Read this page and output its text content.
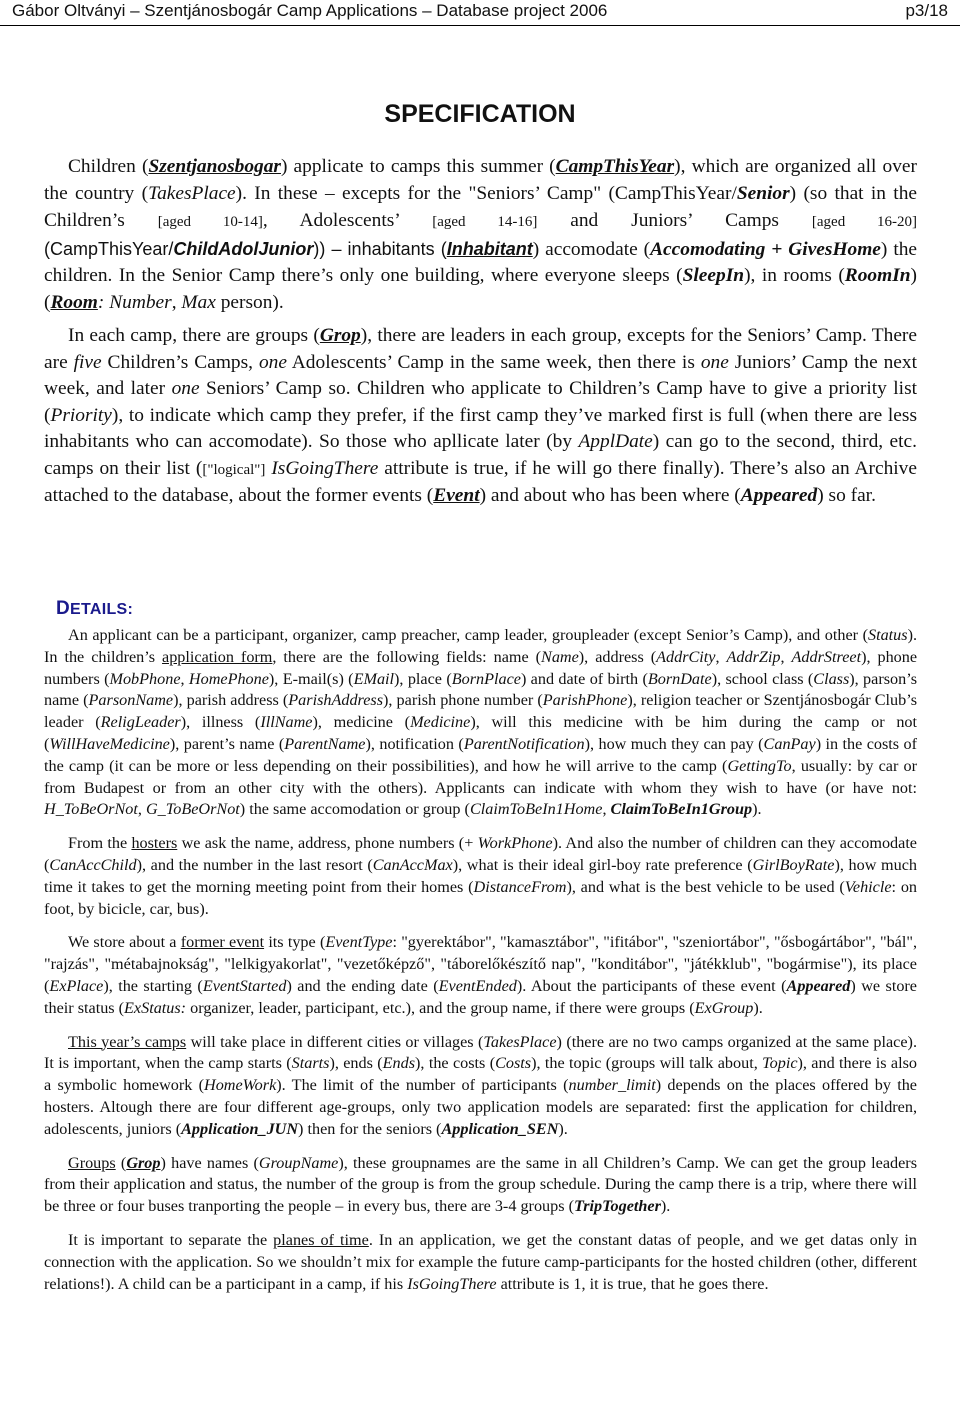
Gábor Oltványi – Szentjánosbogár Camp Applications – Database project 2006	p3/18
SPECIFICATION

Children (Szentjanosbogar) applicate to camps this summer (CampThisYear), which are organized all over the country (TakesPlace). In these – excepts for the "Seniors’ Camp" (CampThisYear/Senior) (so that in the Children’s [aged 10-14], Adolescents’ [aged 14-16] and Juniors’ Camps [aged 16-20] (CampThisYear/ChildAdolJunior)) – inhabitants (Inhabitant) accomodate (Accomodating + GivesHome) the children. In the Senior Camp there’s only one building, where everyone sleeps (SleepIn), in rooms (RoomIn) (Room: Number, Max person).

In each camp, there are groups (Grop), there are leaders in each group, excepts for the Seniors’ Camp. There are five Children’s Camps, one Adolescents’ Camp in the same week, then there is one Juniors’ Camp the next week, and later one Seniors’ Camp so. Children who applicate to Children’s Camp have to give a priority list (Priority), to indicate which camp they prefer, if the first camp they’ve marked first is full (when there are less inhabitants who can accomodate). So those who apllicate later (by ApplDate) can go to the second, third, etc. camps on their list (["logical"] IsGoingThere attribute is true, if he will go there finally). There’s also an Archive attached to the database, about the former events (Event) and about who has been where (Appeared) so far.

DETAILS:

An applicant can be a participant, organizer, camp preacher, camp leader, groupleader (except Senior’s Camp), and other (Status). In the children’s application form, there are the following fields: name (Name), address (AddrCity, AddrZip, AddrStreet), phone numbers (MobPhone, HomePhone), E-mail(s) (EMail), place (BornPlace) and date of birth (BornDate), school class (Class), parson’s name (ParsonName), parish address (ParishAddress), parish phone number (ParishPhone), religion teacher or Szentjánosbogár Club’s leader (ReligLeader), illness (IllName), medicine (Medicine), will this medicine with be him during the camp or not (WillHaveMedicine), parent’s name (ParentName), notification (ParentNotification), how much they can pay (CanPay) in the costs of the camp (it can be more or less depending on their possibilities), and how he will arrive to the camp (GettingTo, usually: by car or from Budapest or from an other city with the others). Applicants can indicate with whom they wish to have (or have not: H_ToBeOrNot, G_ToBeOrNot) the same accomodation or group (ClaimToBeIn1Home, ClaimToBeIn1Group).

From the hosters we ask the name, address, phone numbers (+ WorkPhone). And also the number of children can they accomodate (CanAccChild), and the number in the last resort (CanAccMax), what is their ideal girl-boy rate preference (GirlBoyRate), how much time it takes to get the morning meeting point from their homes (DistanceFrom), and what is the best vehicle to be used (Vehicle: on foot, by bicicle, car, bus).

We store about a former event its type (EventType: "gyerektábor", "kamasztábor", "ifitábor", "szeniortábor", "ősbogártábor", "bál", "rajzás", "métabajnokság", "lelkigyakorlat", "vezetőképző", "táborelőkészítő nap", "konditábor", "játékklub", "bogármise"), its place (ExPlace), the starting (EventStarted) and the ending date (EventEnded). About the participants of these event (Appeared) we store their status (ExStatus: organizer, leader, participant, etc.), and the group name, if there were groups (ExGroup).

This year’s camps will take place in different cities or villages (TakesPlace) (there are no two camps organized at the same place). It is important, when the camp starts (Starts), ends (Ends), the costs (Costs), the topic (groups will talk about, Topic), and there is also a symbolic homework (HomeWork). The limit of the number of participants (number_limit) depends on the places offered by the hosters. Altough there are four different age-groups, only two application models are separated: first the application for children, adolescents, juniors (Application_JUN) then for the seniors (Application_SEN).

Groups (Grop) have names (GroupName), these groupnames are the same in all Children’s Camp. We can get the group leaders from their application and status, the number of the group is from the group schedule. During the camp there is a trip, where there will be three or four buses tranporting the people – in every bus, there are 3-4 groups (TripTogether).

It is important to separate the planes of time. In an application, we get the constant datas of people, and we get datas only in connection with the application. So we shouldn’t mix for example the future camp-participants for the hosted children (other, different relations!). A child can be a participant in a camp, if his IsGoingThere attribute is 1, it is true, that he goes there.
